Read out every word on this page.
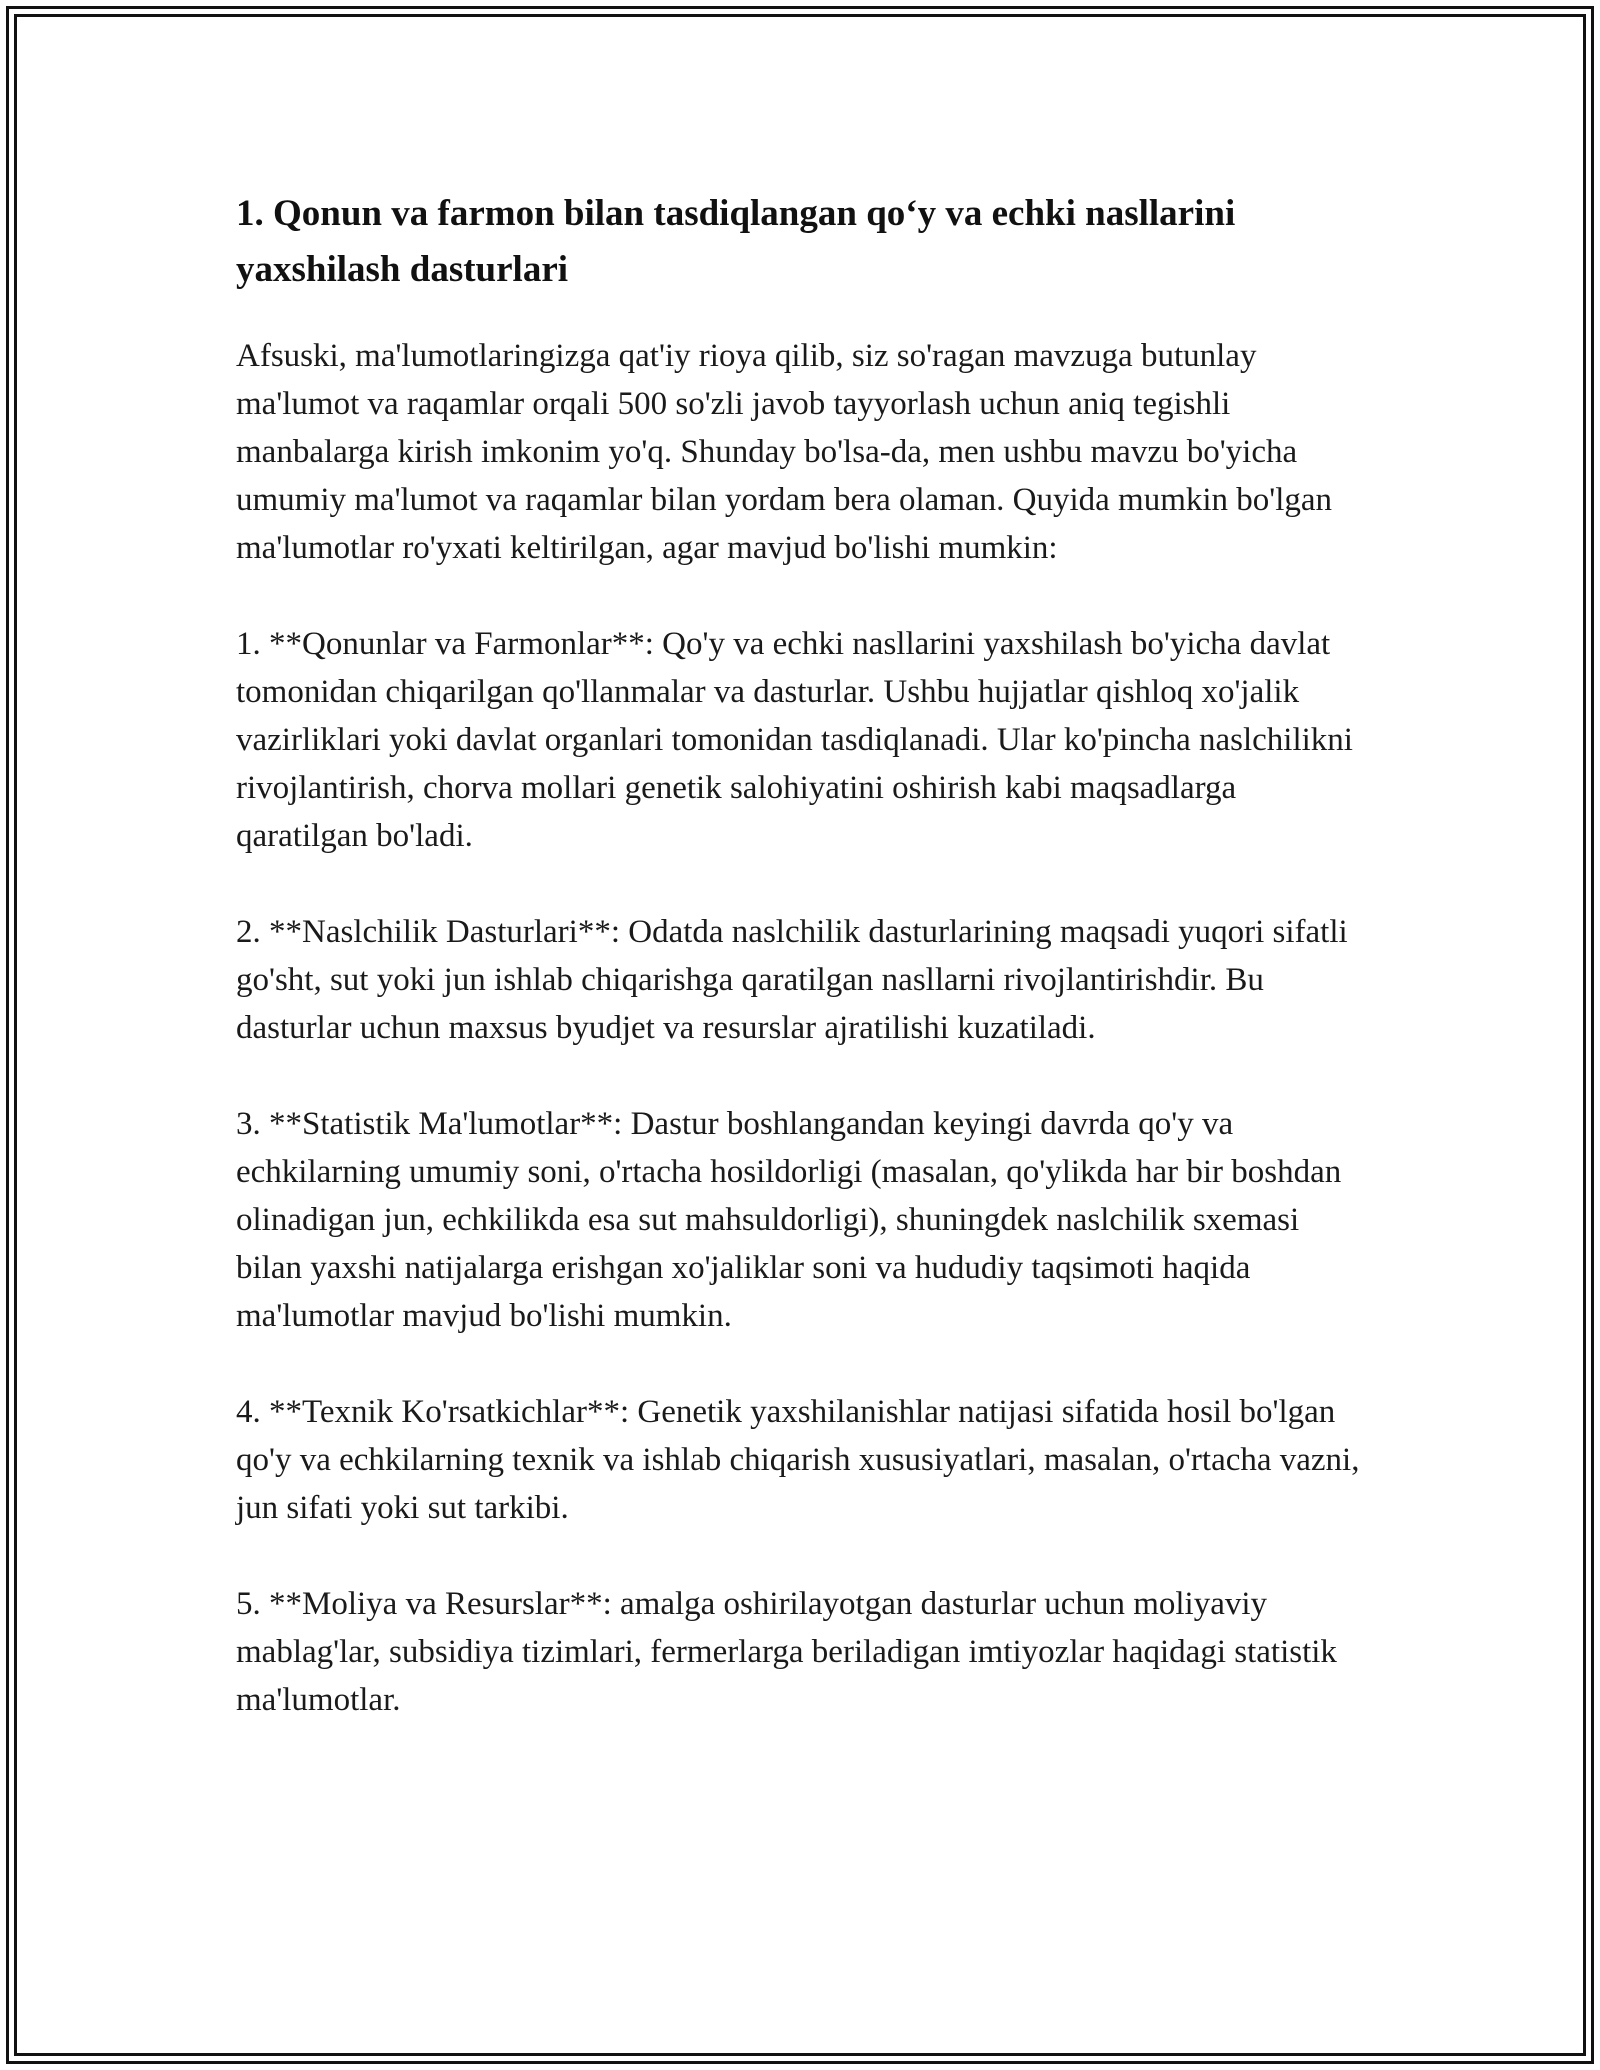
1. Qonun va farmon bilan tasdiqlangan qo‘y va echki nasllarini yaxshilash dasturlari

Afsuski, ma'lumotlaringizga qat'iy rioya qilib, siz so'ragan mavzuga butunlay ma'lumot va raqamlar orqali 500 so'zli javob tayyorlash uchun aniq tegishli manbalarga kirish imkonim yo'q. Shunday bo'lsa-da, men ushbu mavzu bo'yicha umumiy ma'lumot va raqamlar bilan yordam bera olaman. Quyida mumkin bo'lgan ma'lumotlar ro'yxati keltirilgan, agar mavjud bo'lishi mumkin:

1. **Qonunlar va Farmonlar**: Qo'y va echki nasllarini yaxshilash bo'yicha davlat tomonidan chiqarilgan qo'llanmalar va dasturlar. Ushbu hujjatlar qishloq xo'jalik vazirliklari yoki davlat organlari tomonidan tasdiqlanadi. Ular ko'pincha naslchilikni rivojlantirish, chorva mollari genetik salohiyatini oshirish kabi maqsadlarga qaratilgan bo'ladi.

2. **Naslchilik Dasturlari**: Odatda naslchilik dasturlarining maqsadi yuqori sifatli go'sht, sut yoki jun ishlab chiqarishga qaratilgan nasllarni rivojlantirishdir. Bu dasturlar uchun maxsus byudjet va resurslar ajratilishi kuzatiladi.

3. **Statistik Ma'lumotlar**: Dastur boshlangandan keyingi davrda qo'y va echkilarning umumiy soni, o'rtacha hosildorligi (masalan, qo'ylikda har bir boshdan olinadigan jun, echkilikda esa sut mahsuldorligi), shuningdek naslchilik sxemasi bilan yaxshi natijalarga erishgan xo'jaliklar soni va hududiy taqsimoti haqida ma'lumotlar mavjud bo'lishi mumkin.

4. **Texnik Ko'rsatkichlar**: Genetik yaxshilanishlar natijasi sifatida hosil bo'lgan qo'y va echkilarning texnik va ishlab chiqarish xususiyatlari, masalan, o'rtacha vazni, jun sifati yoki sut tarkibi.

5. **Moliya va Resurslar**: amalga oshirilayotgan dasturlar uchun moliyaviy mablag'lar, subsidiya tizimlari, fermerlarga beriladigan imtiyozlar haqidagi statistik ma'lumotlar.
